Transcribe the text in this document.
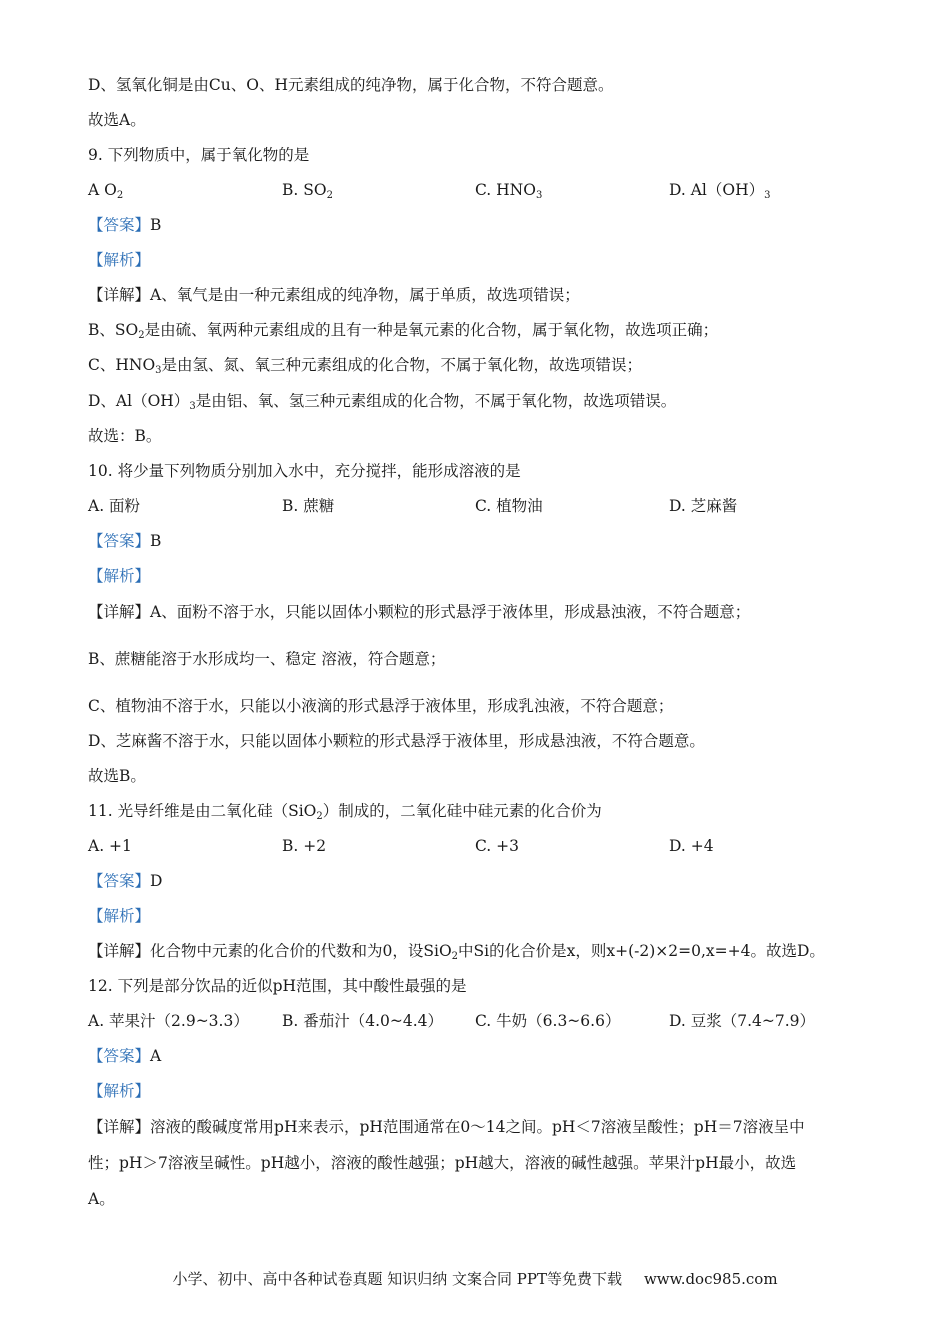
D、氢氧化铜是由Cu、O、H元素组成的纯净物，属于化合物，不符合题意。
故选A。
9. 下列物质中，属于氧化物的是
A $O_2$	B. $SO_2$	C. $HNO_3$	D. $Al(OH)_3$
【答案】B
【解析】
【详解】A、氧气是由一种元素组成的纯净物，属于单质，故选项错误；
B、$SO_2$是由硫、氧两种元素组成的且有一种是氧元素的化合物，属于氧化物，故选项正确；
C、$HNO_3$是由氢、氮、氧三种元素组成的化合物，不属于氧化物，故选项错误；
D、$Al(OH)_3$是由铝、氧、氢三种元素组成的化合物，不属于氧化物，故选项错误。
故选：B。
10. 将少量下列物质分别加入水中，充分搅拌，能形成溶液的是
A. 面粉	B. 蔗糖	C. 植物油	D. 芝麻酱
【答案】B
【解析】
【详解】A、面粉不溶于水，只能以固体小颗粒的形式悬浮于液体里，形成悬浊液，不符合题意；
B、蔗糖能溶于水形成均一、稳定 溶液，符合题意；
C、植物油不溶于水，只能以小液滴的形式悬浮于液体里，形成乳浊液，不符合题意；
D、芝麻酱不溶于水，只能以固体小颗粒的形式悬浮于液体里，形成悬浊液，不符合题意。
故选B。
11. 光导纤维是由二氧化硅（SiO$_2$）制成的，二氧化硅中硅元素的化合价为
A. +1	B. +2	C. +3	D. +4
【答案】D
【解析】
【详解】化合物中元素的化合价的代数和为0，设SiO$_2$中Si的化合价是x，则x+(-2)×2=0,x=+4。故选D。
12. 下列是部分饮品的近似pH范围，其中酸性最强的是
A. 苹果汁（2.9~3.3） B. 番茄汁（4.0~4.4） C. 牛奶（6.3~6.6）	D. 豆浆（7.4~7.9）
【答案】A
【解析】
【详解】溶液的酸碱度常用pH来表示，pH范围通常在0～14之间。pH＜7溶液呈酸性；pH＝7溶液呈中
性；pH＞7溶液呈碱性。pH越小，溶液的酸性越强；pH越大，溶液的碱性越强。苹果汁pH最小，故选
A。
小学、初中、高中各种试卷真题 知识归纳 文案合同 PPT等免费下载 www.doc985.com
